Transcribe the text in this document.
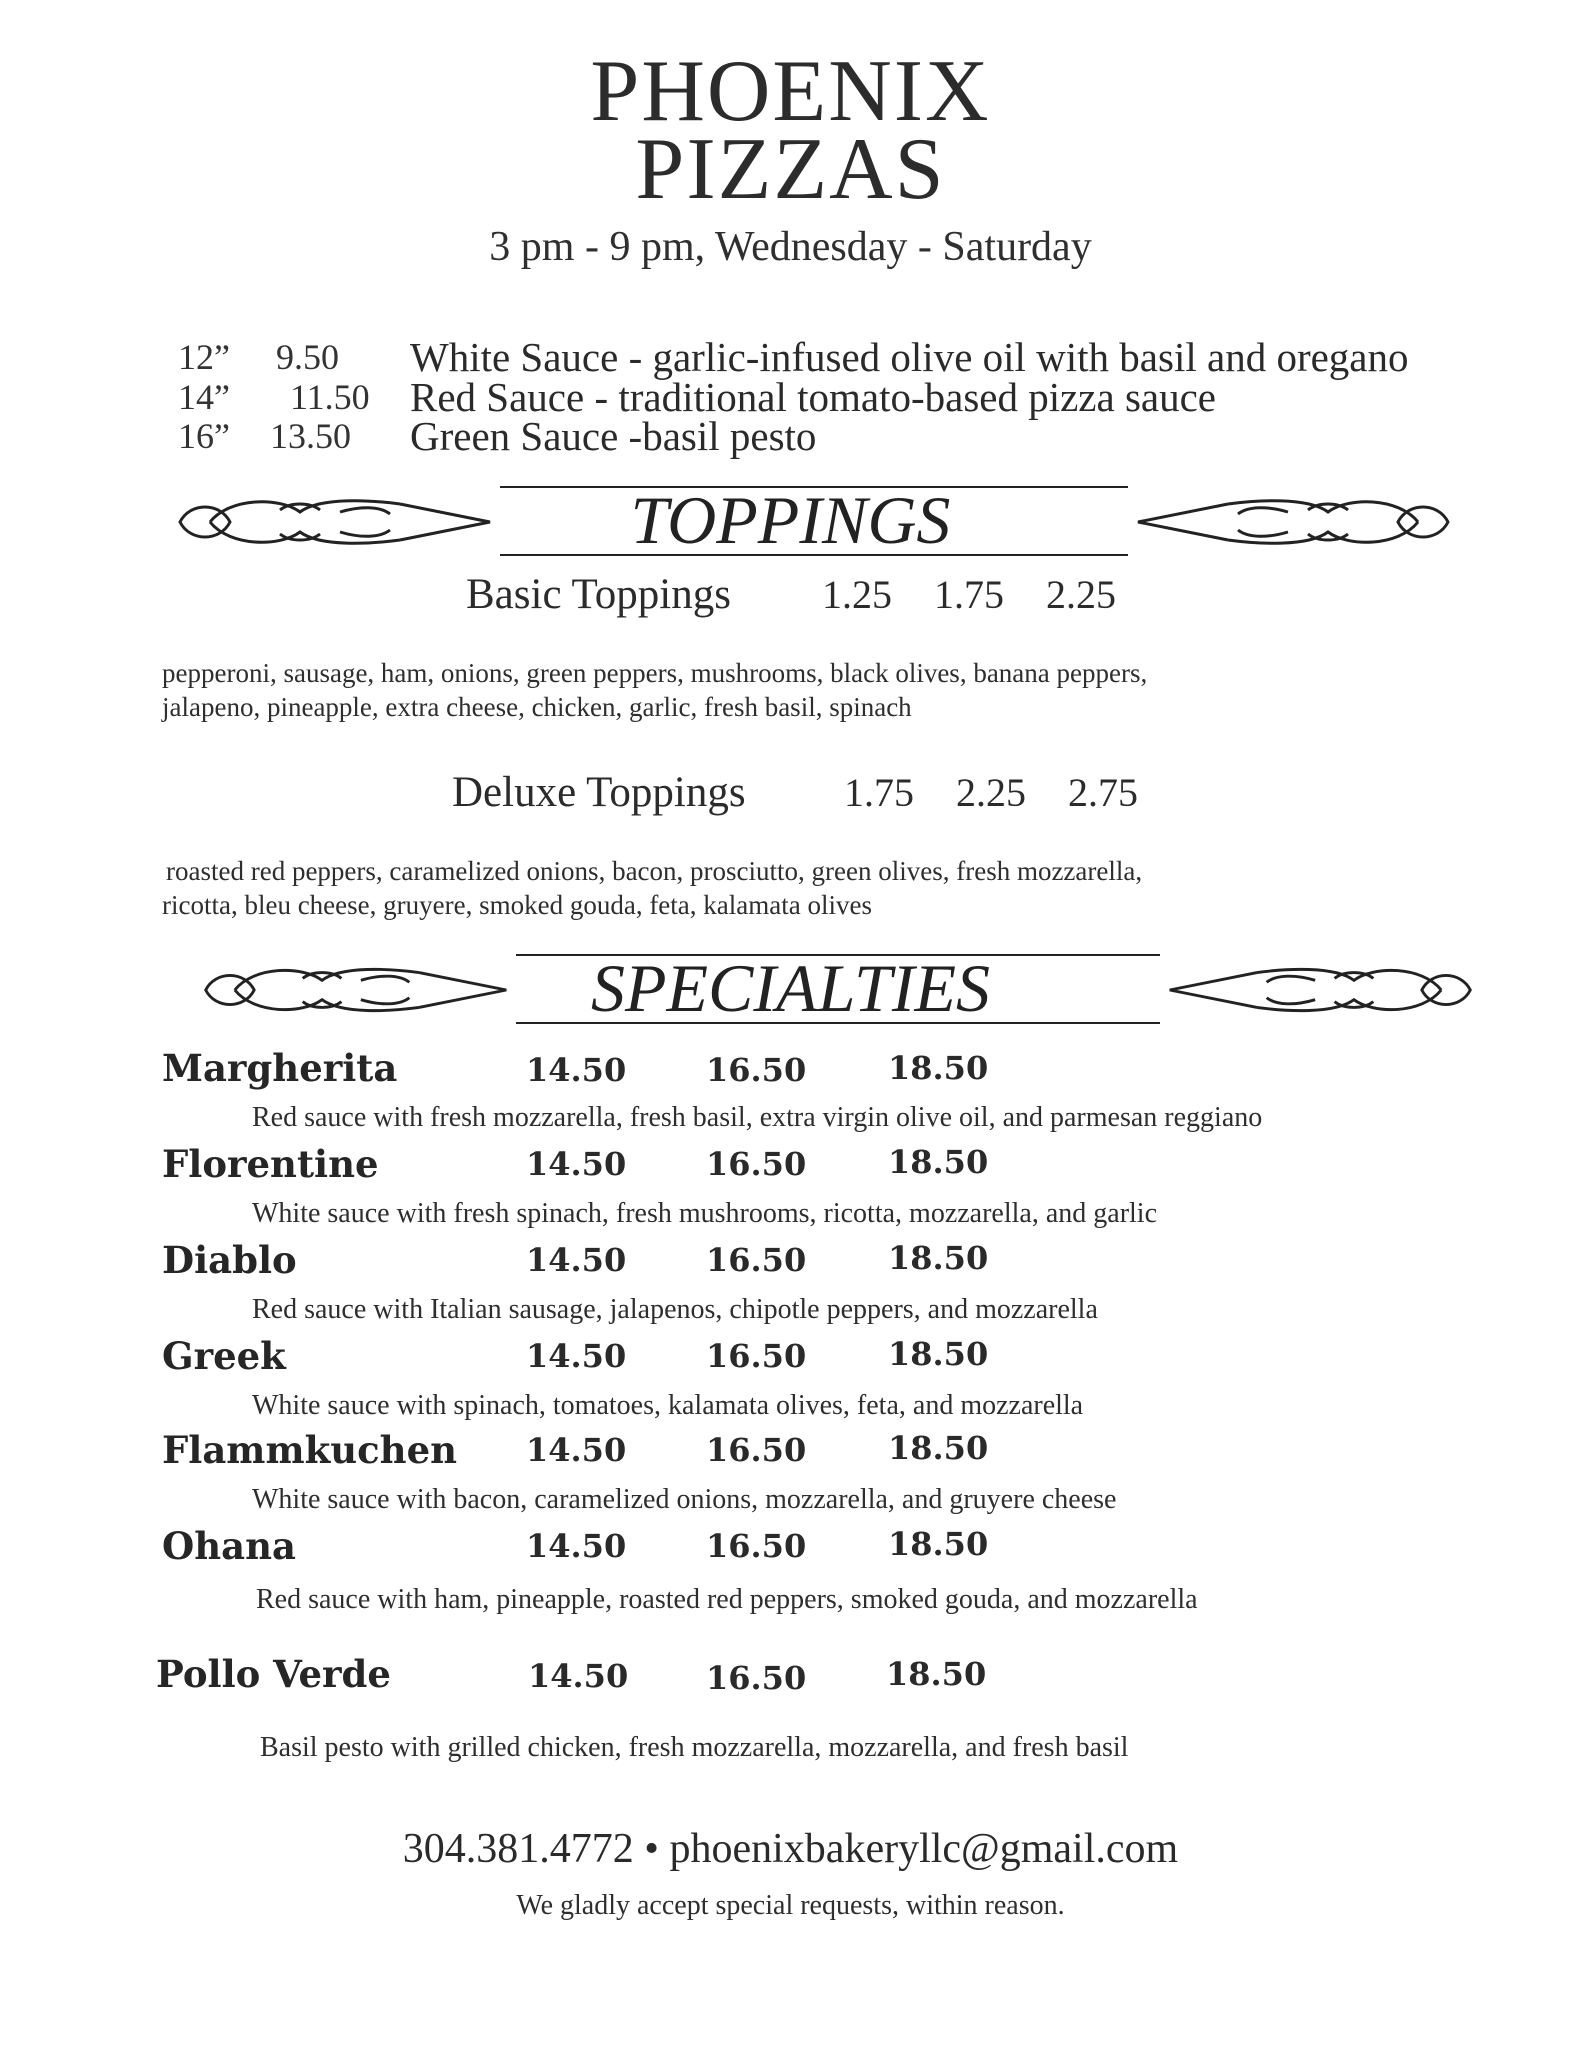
PHOENIX
PIZZAS
3 pm - 9 pm, Wednesday - Saturday
12” 9.50 White Sauce - garlic-infused olive oil with basil and oregano
14” 11.50 Red Sauce - traditional tomato-based pizza sauce
16” 13.50 Green Sauce -basil pesto
TOPPINGS
Basic Toppings 1.25 1.75 2.25
pepperoni, sausage, ham, onions, green peppers, mushrooms, black olives, banana peppers,
jalapeno, pineapple, extra cheese, chicken, garlic, fresh basil, spinach
Deluxe Toppings 1.75 2.25 2.75
roasted red peppers, caramelized onions, bacon, prosciutto, green olives, fresh mozzarella,
ricotta, bleu cheese, gruyere, smoked gouda, feta, kalamata olives
SPECIALTIES
Margherita	14.50 16.50	18.50
Red sauce with fresh mozzarella, fresh basil, extra virgin olive oil, and parmesan reggiano
Florentine	14.50 16.50	18.50
White sauce with fresh spinach, fresh mushrooms, ricotta, mozzarella, and garlic
Diablo	14.50 16.50	18.50
Red sauce with Italian sausage, jalapenos, chipotle peppers, and mozzarella
Greek	14.50 16.50	18.50
White sauce with spinach, tomatoes, kalamata olives, feta, and mozzarella
Flammkuchen 14.50 16.50	18.50
White sauce with bacon, caramelized onions, mozzarella, and gruyere cheese
Ohana	14.50 16.50	18.50
Red sauce with ham, pineapple, roasted red peppers, smoked gouda, and mozzarella
Pollo Verde	14.50 16.50 18.50
Basil pesto with grilled chicken, fresh mozzarella, mozzarella, and fresh basil
304.381.4772 • phoenixbakeryllc@gmail.com
We gladly accept special requests, within reason.
